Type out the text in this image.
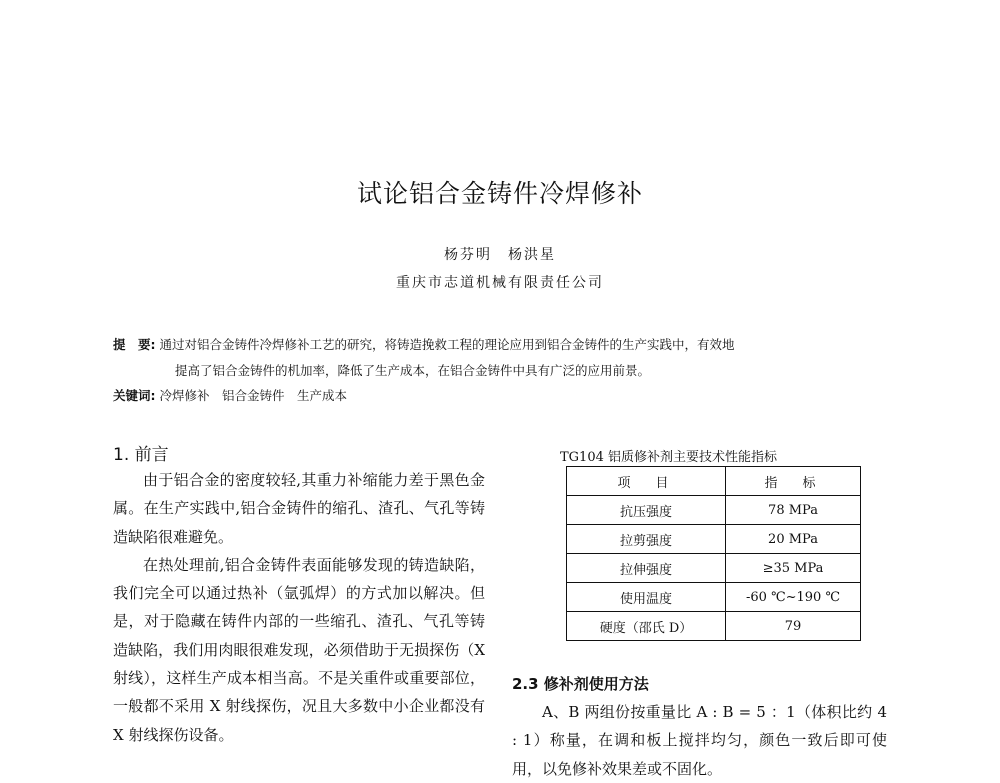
试论铝合金铸件冷焊修补
杨芬明　杨洪星
重庆市志道机械有限责任公司
提　要: 通过对铝合金铸件冷焊修补工艺的研究，将铸造挽救工程的理论应用到铝合金铸件的生产实践中，有效地
提高了铝合金铸件的机加率，降低了生产成本，在铝合金铸件中具有广泛的应用前景。
关键词: 冷焊修补　铝合金铸件　生产成本
1. 前言

由于铝合金的密度较轻,其重力补缩能力差于黑色金属。在生产实践中,铝合金铸件的缩孔、渣孔、气孔等铸造缺陷很难避免。

在热处理前,铝合金铸件表面能够发现的铸造缺陷，我们完全可以通过热补（氩弧焊）的方式加以解决。但是，对于隐藏在铸件内部的一些缩孔、渣孔、气孔等铸造缺陷，我们用肉眼很难发现，必须借助于无损探伤（X 射线），这样生产成本相当高。不是关重件或重要部位，一般都不采用 X 射线探伤，况且大多数中小企业都没有 X 射线探伤设备。

TG104 铝质修补剂主要技术性能指标
项　目	指　标
抗压强度	78 MPa
拉剪强度	20 MPa
拉伸强度	≥35 MPa
使用温度	-60 ℃~190 ℃
硬度（邵氏 D）	79
2.3 修补剂使用方法

A、B 两组份按重量比 A : B = 5 ：1（体积比约 4 : 1）称量，在调和板上搅拌均匀，颜色一致后即可使用，以免修补效果差或不固化。
